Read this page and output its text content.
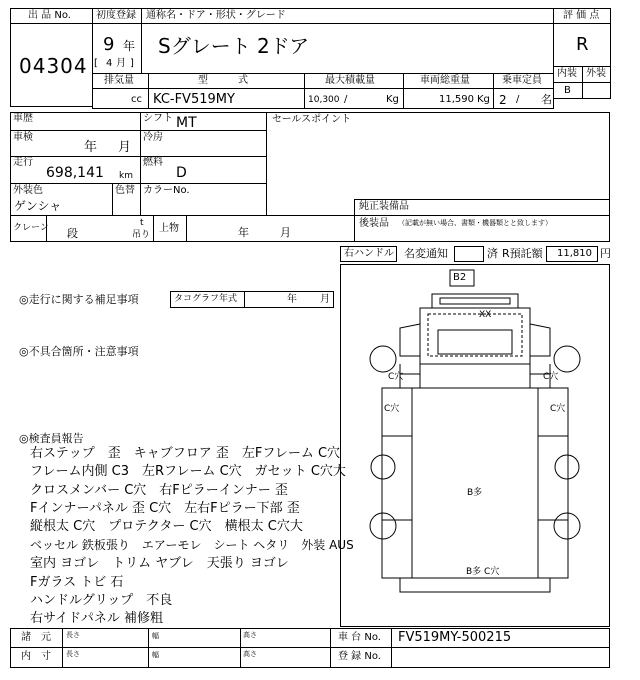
出 品 No.
04304
初度登録 通称名・ドア・形状・グレード
9 年
[ 4 月 ]
Sグレート 2ドア
評 価 点
R
内装 外装
B
排気量	型　　　式	最大積載量	車両総重量	乗車定員
cc KC-FV519MY	10,300 /	Kg	11,590 Kg 2 / 名
車歴
車検
年 月
走行
698,141 km
シフト MT
冷房
燃料
D
外装色
ゲンシャ
色替 カラーNo.
セールスポイント
純正装備品
後装品 （記載が無い場合、書類・機器類とと致します）
クレーン 段
t
吊り
上物	年	月
右ハンドル 名変通知	済 R預託額 11,810 円
◎走行に関する補足事項	タコグラフ年式	年 月
◎不具合箇所・注意事項
◎検査員報告
右ステップ　歪　キャブフロア 歪　左Fフレーム C穴
フレーム内側 C3　左Rフレーム C穴　ガセット C穴大
クロスメンバー C穴　右Fピラーインナー 歪
Fインナーパネル 歪 C穴　左右Fピラー下部 歪
縦根太 C穴　プロテクター C穴　横根太 C穴大
ベッセル 鉄板張り　エアーモレ　シート ヘタリ　外装 AUS
室内 ヨゴレ　トリム ヤブレ　天張り ヨゴレ
Fガラス トビ 石
ハンドルグリップ　不良
右サイドパネル 補修粗
B2
XX
C穴	C穴
C穴	C穴
B多
B多 C穴
諸　元
内　寸
長さ
長さ
幅
幅
高さ
高さ
車 台 No. FV519MY-500215
登 録 No.
